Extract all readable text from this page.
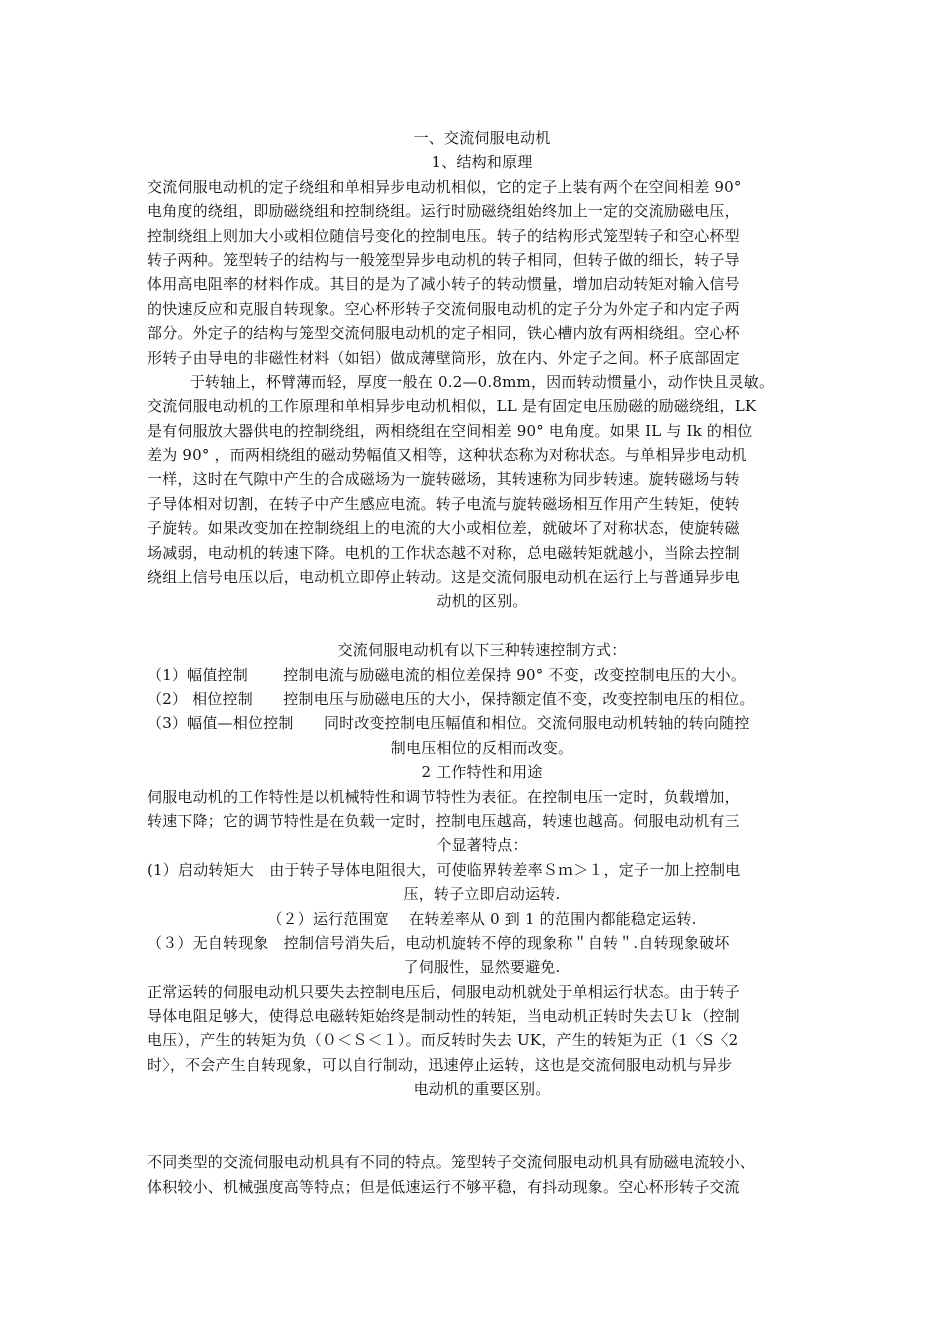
一、交流伺服电动机
1、结构和原理
交流伺服电动机的定子绕组和单相异步电动机相似，它的定子上装有两个在空间相差 90°
电角度的绕组，即励磁绕组和控制绕组。运行时励磁绕组始终加上一定的交流励磁电压，
控制绕组上则加大小或相位随信号变化的控制电压。转子的结构形式笼型转子和空心杯型
转子两种。笼型转子的结构与一般笼型异步电动机的转子相同，但转子做的细长，转子导
体用高电阻率的材料作成。其目的是为了减小转子的转动惯量，增加启动转矩对输入信号
的快速反应和克服自转现象。空心杯形转子交流伺服电动机的定子分为外定子和内定子两
部分。外定子的结构与笼型交流伺服电动机的定子相同，铁心槽内放有两相绕组。空心杯
形转子由导电的非磁性材料（如铝）做成薄壁筒形，放在内、外定子之间。杯子底部固定
于转轴上，杯臂薄而轻，厚度一般在 0.2—0.8mm，因而转动惯量小，动作快且灵敏。
交流伺服电动机的工作原理和单相异步电动机相似，LL 是有固定电压励磁的励磁绕组，LK
是有伺服放大器供电的控制绕组，两相绕组在空间相差 90° 电角度。如果 IL 与 Ik 的相位
差为 90° ，而两相绕组的磁动势幅值又相等，这种状态称为对称状态。与单相异步电动机
一样，这时在气隙中产生的合成磁场为一旋转磁场，其转速称为同步转速。旋转磁场与转
子导体相对切割，在转子中产生感应电流。转子电流与旋转磁场相互作用产生转矩，使转
子旋转。如果改变加在控制绕组上的电流的大小或相位差，就破坏了对称状态，使旋转磁
场减弱，电动机的转速下降。电机的工作状态越不对称，总电磁转矩就越小，当除去控制
绕组上信号电压以后，电动机立即停止转动。这是交流伺服电动机在运行上与普通异步电
动机的区别。
交流伺服电动机有以下三种转速控制方式：
（1）幅值控制　　 控制电流与励磁电流的相位差保持 90° 不变，改变控制电压的大小。
（2） 相位控制　　控制电压与励磁电压的大小，保持额定值不变，改变控制电压的相位。
（3）幅值—相位控制　　同时改变控制电压幅值和相位。交流伺服电动机转轴的转向随控
制电压相位的反相而改变。
2 工作特性和用途
伺服电动机的工作特性是以机械特性和调节特性为表征。在控制电压一定时，负载增加，
转速下降；它的调节特性是在负载一定时，控制电压越高，转速也越高。伺服电动机有三
个显著特点：
(1）启动转矩大　由于转子导体电阻很大，可使临界转差率Ｓｍ＞１，定子一加上控制电
压，转子立即启动运转.
（２）运行范围宽　 在转差率从 0 到 1 的范围内都能稳定运转.
（３）无自转现象　控制信号消失后，电动机旋转不停的现象称＂自转＂.自转现象破坏
了伺服性，显然要避免.
正常运转的伺服电动机只要失去控制电压后，伺服电动机就处于单相运行状态。由于转子
导体电阻足够大，使得总电磁转矩始终是制动性的转矩，当电动机正转时失去Ｕｋ（控制
电压），产生的转矩为负（０＜Ｓ＜１）。而反转时失去 UK，产生的转矩为正（1〈S〈2
时〉，不会产生自转现象，可以自行制动，迅速停止运转，这也是交流伺服电动机与异步
电动机的重要区别。
不同类型的交流伺服电动机具有不同的特点。笼型转子交流伺服电动机具有励磁电流较小、
体积较小、机械强度高等特点；但是低速运行不够平稳，有抖动现象。空心杯形转子交流
